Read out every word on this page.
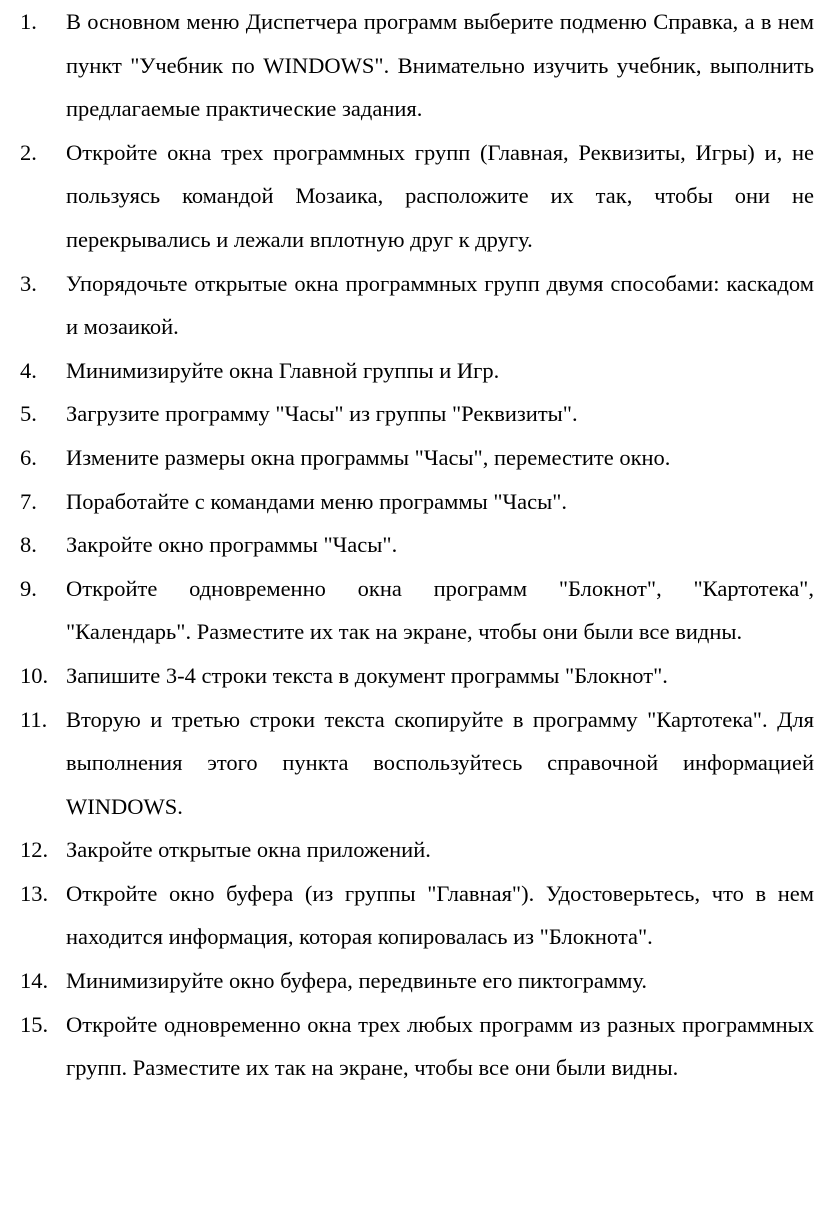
1.	В основном меню Диспетчера программ выберите подменю Справка, а в нем пункт "Учебник по WINDOWS". Внимательно изучить учебник, выполнить предлагаемые практические задания.
2.	Откройте окна трех программных групп (Главная, Реквизиты, Игры) и, не пользуясь командой Мозаика, расположите их так, чтобы они не перекрывались и лежали вплотную друг к другу.
3.	Упорядочьте открытые окна программных групп двумя способами: каскадом и мозаикой.
4.	Минимизируйте окна Главной группы и Игр.
5.	Загрузите программу "Часы" из группы "Реквизиты".
6.	Измените размеры окна программы "Часы", переместите окно.
7.	Поработайте с командами меню программы "Часы".
8.	Закройте окно программы "Часы".
9.	Откройте одновременно окна программ "Блокнот", "Картотека", "Календарь". Разместите их так на экране, чтобы они были все видны.
10. Запишите 3-4 строки текста в документ программы "Блокнот".
11. Вторую и третью строки текста скопируйте в программу "Картотека". Для выполнения этого пункта воспользуйтесь справочной информацией WINDOWS.
12. Закройте открытые окна приложений.
13. Откройте окно буфера (из группы "Главная"). Удостоверьтесь, что в нем находится информация, которая копировалась из "Блокнота".
14. Минимизируйте окно буфера, передвиньте его пиктограмму.
15. Откройте одновременно окна трех любых программ из разных программных групп. Разместите их так на экране, чтобы все они были видны.
